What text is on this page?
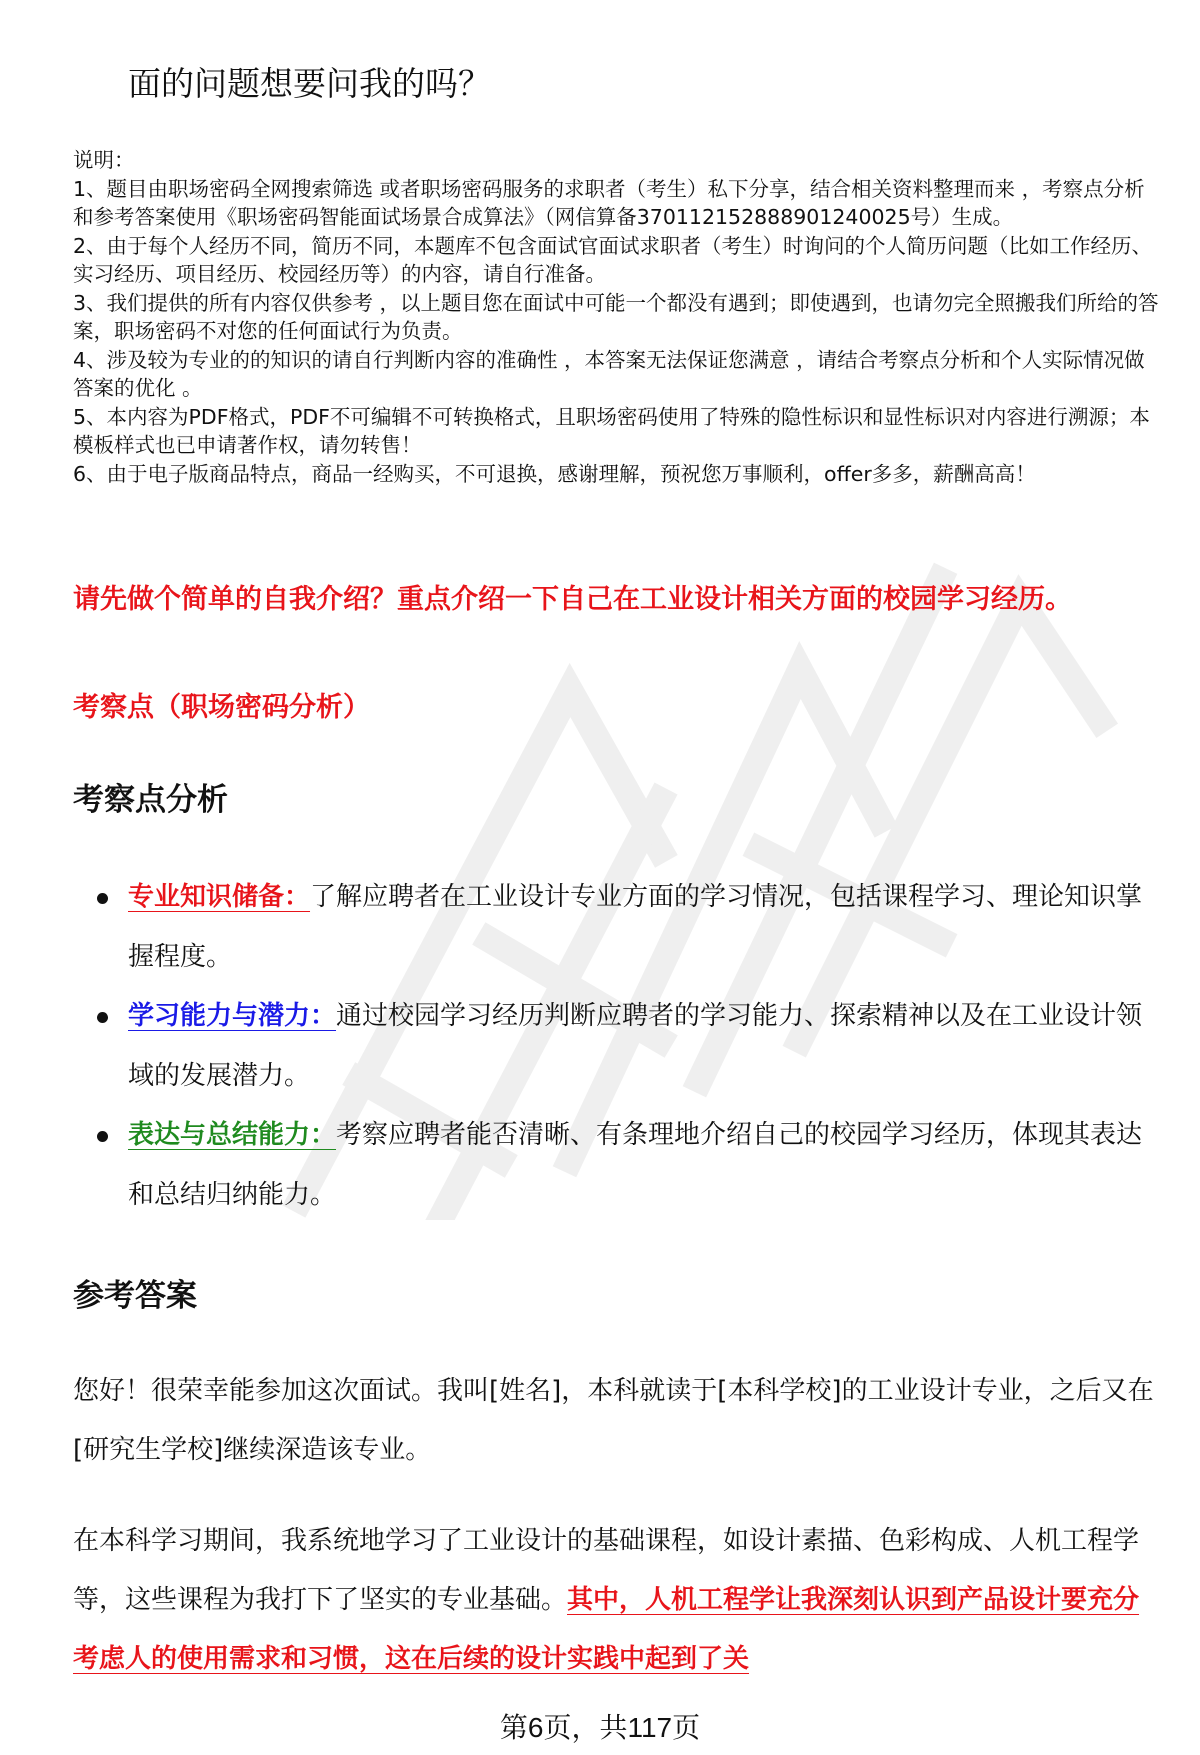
面的问题想要问我的吗？

说明：

1、题目由职场密码全网搜索筛选 或者职场密码服务的求职者（考生）私下分享，结合相关资料整理而来 ，考察点分析和参考答案使用《职场密码智能面试场景合成算法》（网信算备370112152888901240025号）生成。

2、由于每个人经历不同，简历不同，本题库不包含面试官面试求职者（考生）时询问的个人简历问题（比如工作经历、实习经历、项目经历、校园经历等）的内容，请自行准备。

3、我们提供的所有内容仅供参考 ，以上题目您在面试中可能一个都没有遇到；即使遇到，也请勿完全照搬我们所给的答案，职场密码不对您的任何面试行为负责。

4、涉及较为专业的的知识的请自行判断内容的准确性 ，本答案无法保证您满意 ，请结合考察点分析和个人实际情况做答案的优化 。

5、本内容为PDF格式，PDF不可编辑不可转换格式，且职场密码使用了特殊的隐性标识和显性标识对内容进行溯源；本模板样式也已申请著作权，请勿转售！

6、由于电子版商品特点，商品一经购买，不可退换，感谢理解，预祝您万事顺利，offer多多，薪酬高高！

请先做个简单的自我介绍？重点介绍一下自己在工业设计相关方面的校园学习经历。
考察点（职场密码分析）
考察点分析
专业知识储备：了解应聘者在工业设计专业方面的学习情况，包括课程学习、理论知识掌握程度。
学习能力与潜力：通过校园学习经历判断应聘者的学习能力、探索精神以及在工业设计领域的发展潜力。
表达与总结能力：考察应聘者能否清晰、有条理地介绍自己的校园学习经历，体现其表达和总结归纳能力。
参考答案

您好！很荣幸能参加这次面试。我叫[姓名]，本科就读于[本科学校]的工业设计专业，之后又在[研究生学校]继续深造该专业。

在本科学习期间，我系统地学习了工业设计的基础课程，如设计素描、色彩构成、人机工程学等，这些课程为我打下了坚实的专业基础。其中，人机工程学让我深刻认识到产品设计要充分考虑人的使用需求和习惯，这在后续的设计实践中起到了关

第6页，共117页
